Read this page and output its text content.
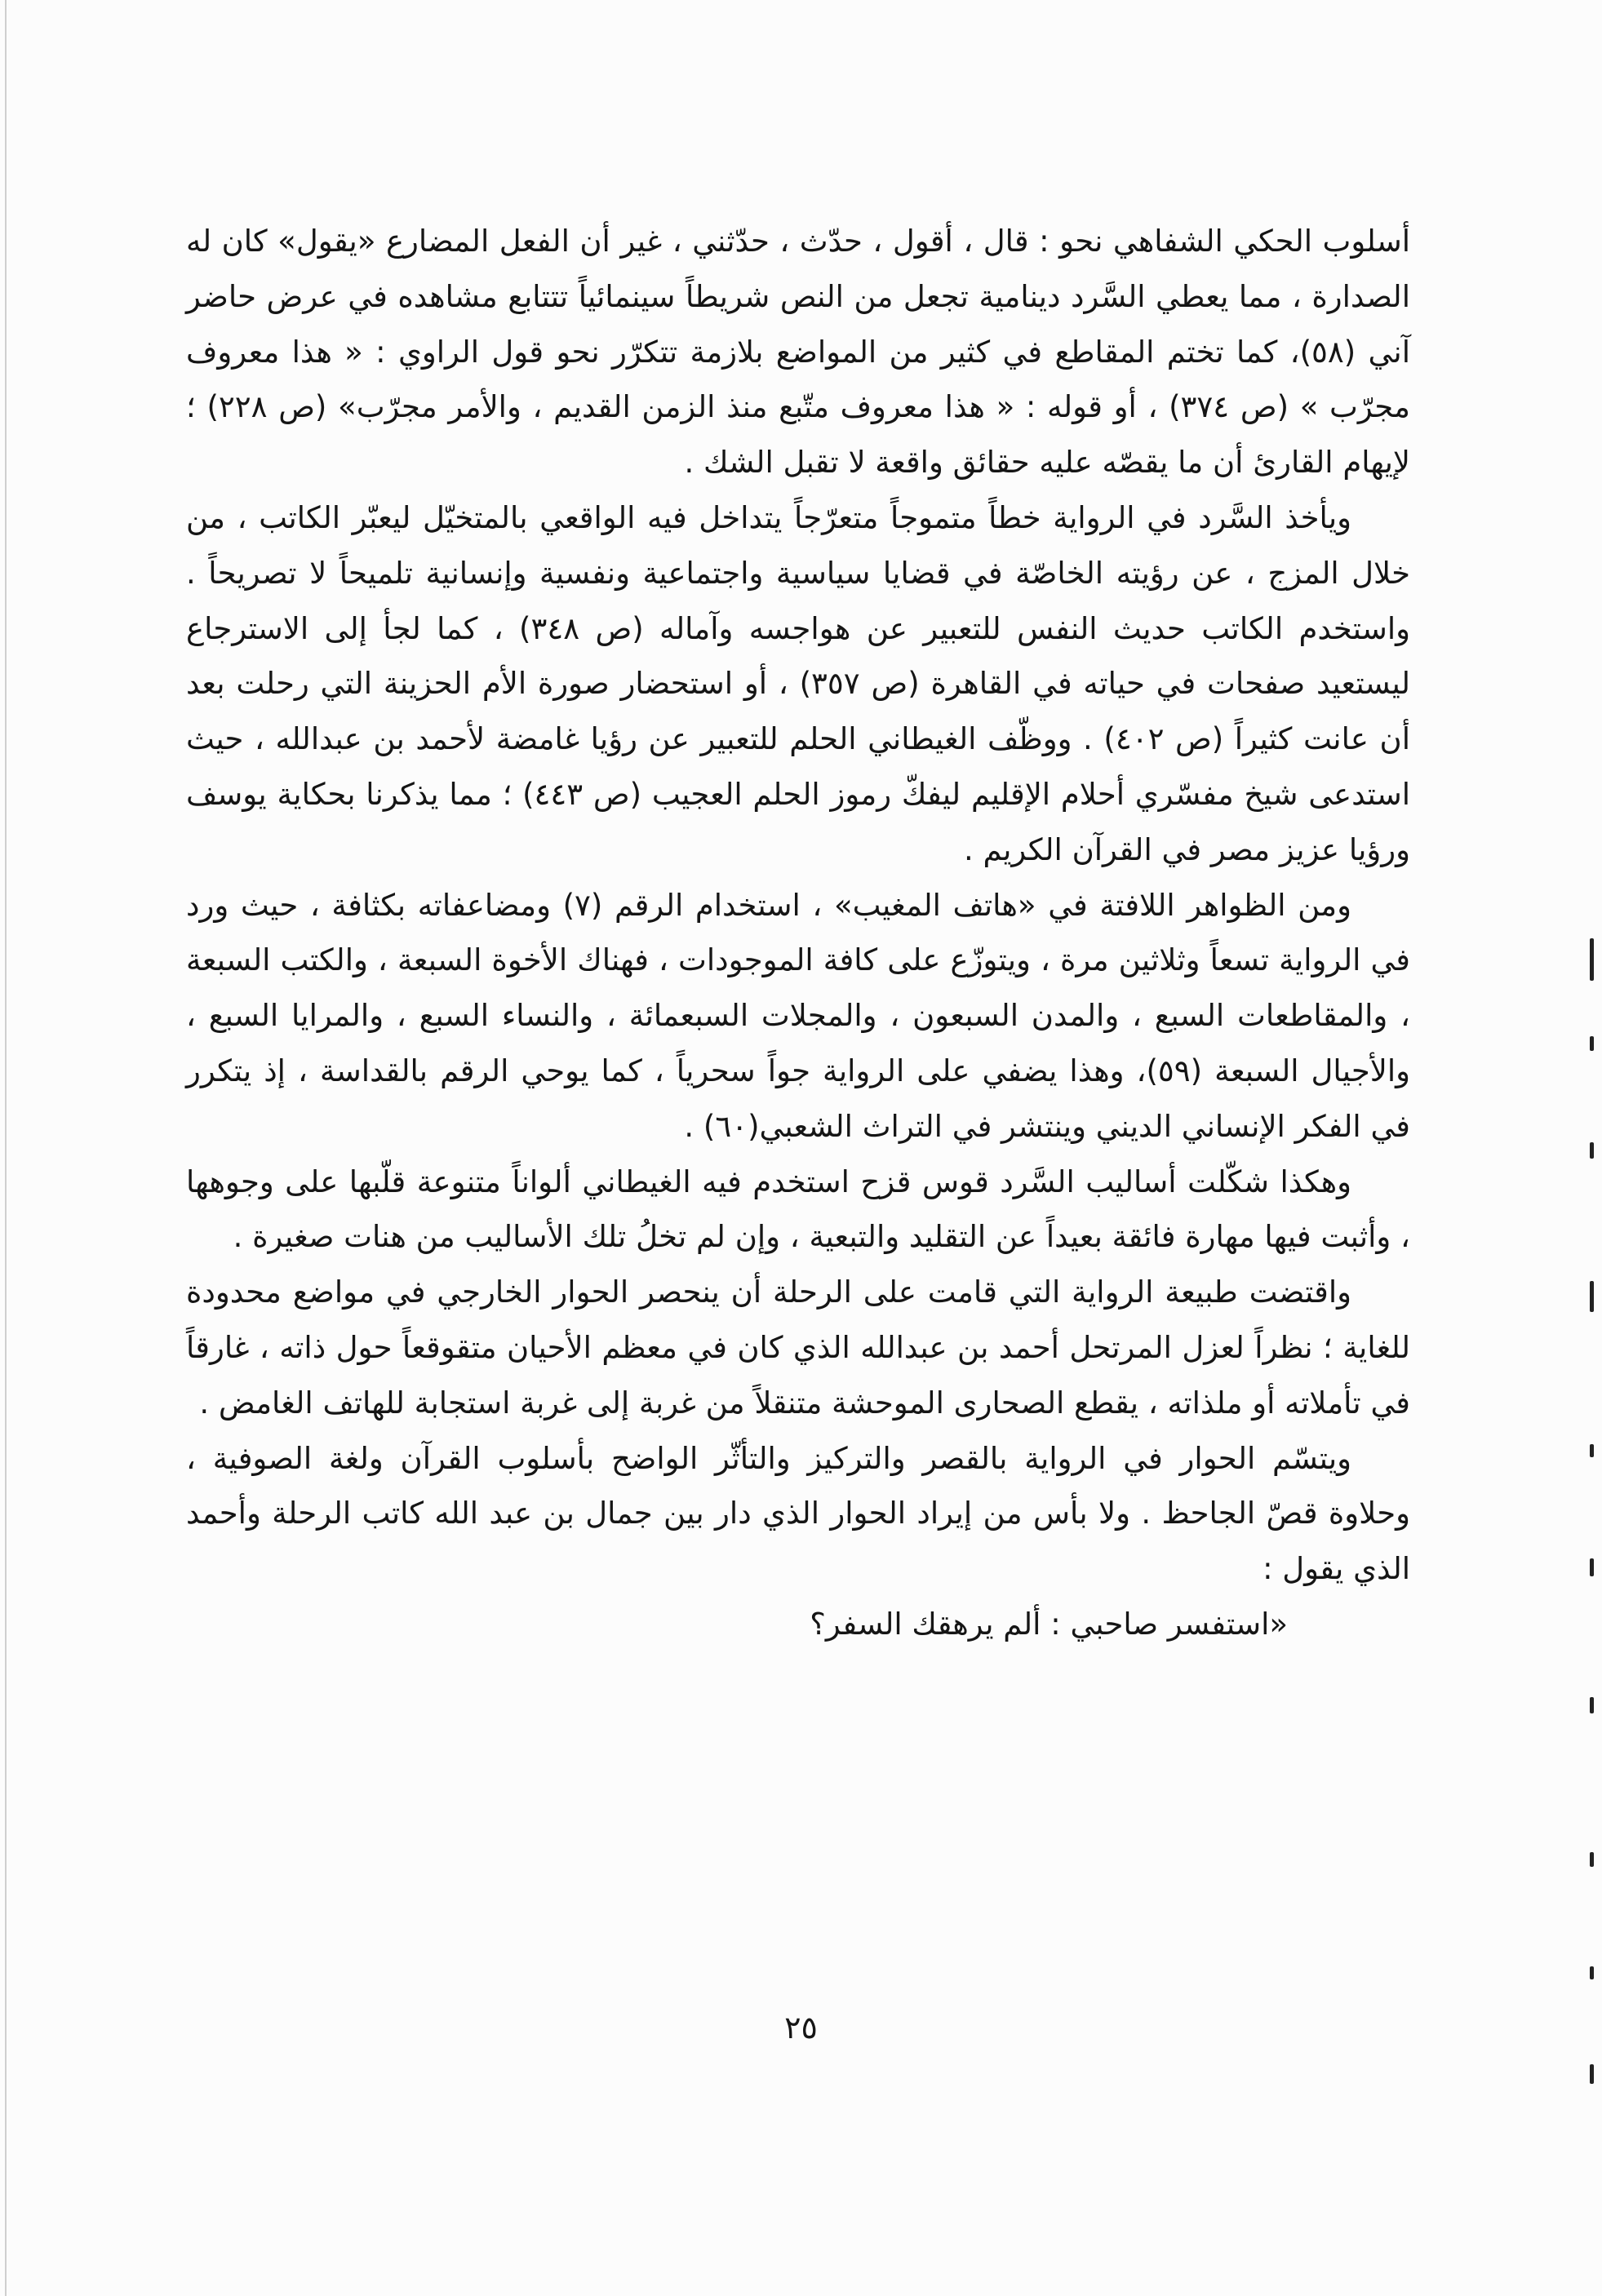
أسلوب الحكي الشفاهي نحو : قال ، أقول ، حدّث ، حدّثني ، غير أن الفعل المضارع «يقول» كان له الصدارة ، مما يعطي السَّرد دينامية تجعل من النص شريطاً سينمائياً تتتابع مشاهده في عرض حاضر آني (٥٨)، كما تختم المقاطع في كثير من المواضع بلازمة تتكرّر نحو قول الراوي : « هذا معروف مجرّب » (ص ٣٧٤) ، أو قوله : « هذا معروف متّبع منذ الزمن القديم ، والأمر مجرّب» (ص ٢٢٨) ؛ لإيهام القارئ أن ما يقصّه عليه حقائق واقعة لا تقبل الشك .

ويأخذ السَّرد في الرواية خطاً متموجاً متعرّجاً يتداخل فيه الواقعي بالمتخيّل ليعبّر الكاتب ، من خلال المزج ، عن رؤيته الخاصّة في قضايا سياسية واجتماعية ونفسية وإنسانية تلميحاً لا تصريحاً . واستخدم الكاتب حديث النفس للتعبير عن هواجسه وآماله (ص ٣٤٨) ، كما لجأ إلى الاسترجاع ليستعيد صفحات في حياته في القاهرة (ص ٣٥٧) ، أو استحضار صورة الأم الحزينة التي رحلت بعد أن عانت كثيراً (ص ٤٠٢) . ووظّف الغيطاني الحلم للتعبير عن رؤيا غامضة لأحمد بن عبدالله ، حيث استدعى شيخ مفسّري أحلام الإقليم ليفكّ رموز الحلم العجيب (ص ٤٤٣) ؛ مما يذكرنا بحكاية يوسف ورؤيا عزيز مصر في القرآن الكريم .

ومن الظواهر اللافتة في «هاتف المغيب» ، استخدام الرقم (٧) ومضاعفاته بكثافة ، حيث ورد في الرواية تسعاً وثلاثين مرة ، ويتوزّع على كافة الموجودات ، فهناك الأخوة السبعة ، والكتب السبعة ، والمقاطعات السبع ، والمدن السبعون ، والمجلات السبعمائة ، والنساء السبع ، والمرايا السبع ، والأجيال السبعة (٥٩)، وهذا يضفي على الرواية جواً سحرياً ، كما يوحي الرقم بالقداسة ، إذ يتكرر في الفكر الإنساني الديني وينتشر في التراث الشعبي(٦٠) .

وهكذا شكّلت أساليب السَّرد قوس قزح استخدم فيه الغيطاني ألواناً متنوعة قلّبها على وجوهها ، وأثبت فيها مهارة فائقة بعيداً عن التقليد والتبعية ، وإن لم تخلُ تلك الأساليب من هنات صغيرة .

واقتضت طبيعة الرواية التي قامت على الرحلة أن ينحصر الحوار الخارجي في مواضع محدودة للغاية ؛ نظراً لعزل المرتحل أحمد بن عبدالله الذي كان في معظم الأحيان متقوقعاً حول ذاته ، غارقاً في تأملاته أو ملذاته ، يقطع الصحارى الموحشة متنقلاً من غربة إلى غربة استجابة للهاتف الغامض .

ويتسّم الحوار في الرواية بالقصر والتركيز والتأثّر الواضح بأسلوب القرآن ولغة الصوفية ، وحلاوة قصّ الجاحظ . ولا بأس من إيراد الحوار الذي دار بين جمال بن عبد الله كاتب الرحلة وأحمد الذي يقول :

«استفسر صاحبي : ألم يرهقك السفر؟

٢٥
